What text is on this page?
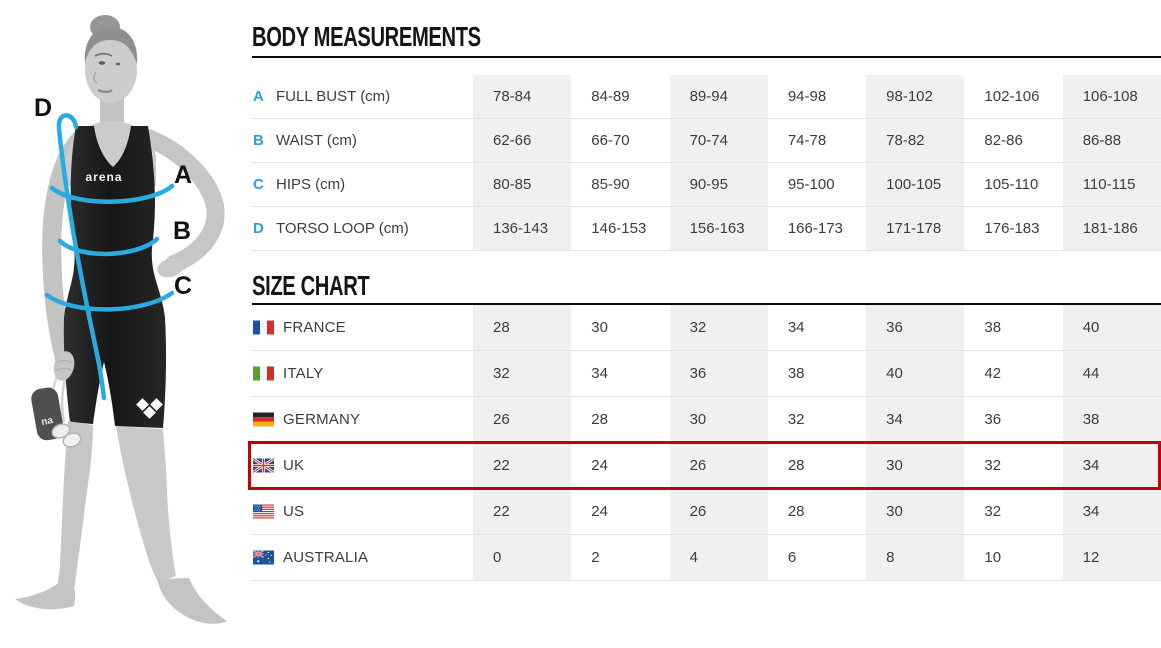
na
arena
D
A
B
C
BODY MEASUREMENTS
A FULL BUST (cm)	78-84	84-89	89-94	94-98	98-102	102-106	106-108
B WAIST (cm)	62-66	66-70	70-74	74-78	78-82	82-86	86-88
C HIPS (cm)	80-85	85-90	90-95	95-100	100-105	105-110	110-115
D TORSO LOOP (cm)	136-143	146-153	156-163	166-173	171-178	176-183	181-186
SIZE CHART
FRANCE	28	30	32	34	36	38	40
ITALY	32	34	36	38	40	42	44
GERMANY	26	28	30	32	34	36	38
UK	22	24	26	28	30	32	34
US	22	24	26	28	30	32	34
AUSTRALIA	0	2	4	6	8	10	12
